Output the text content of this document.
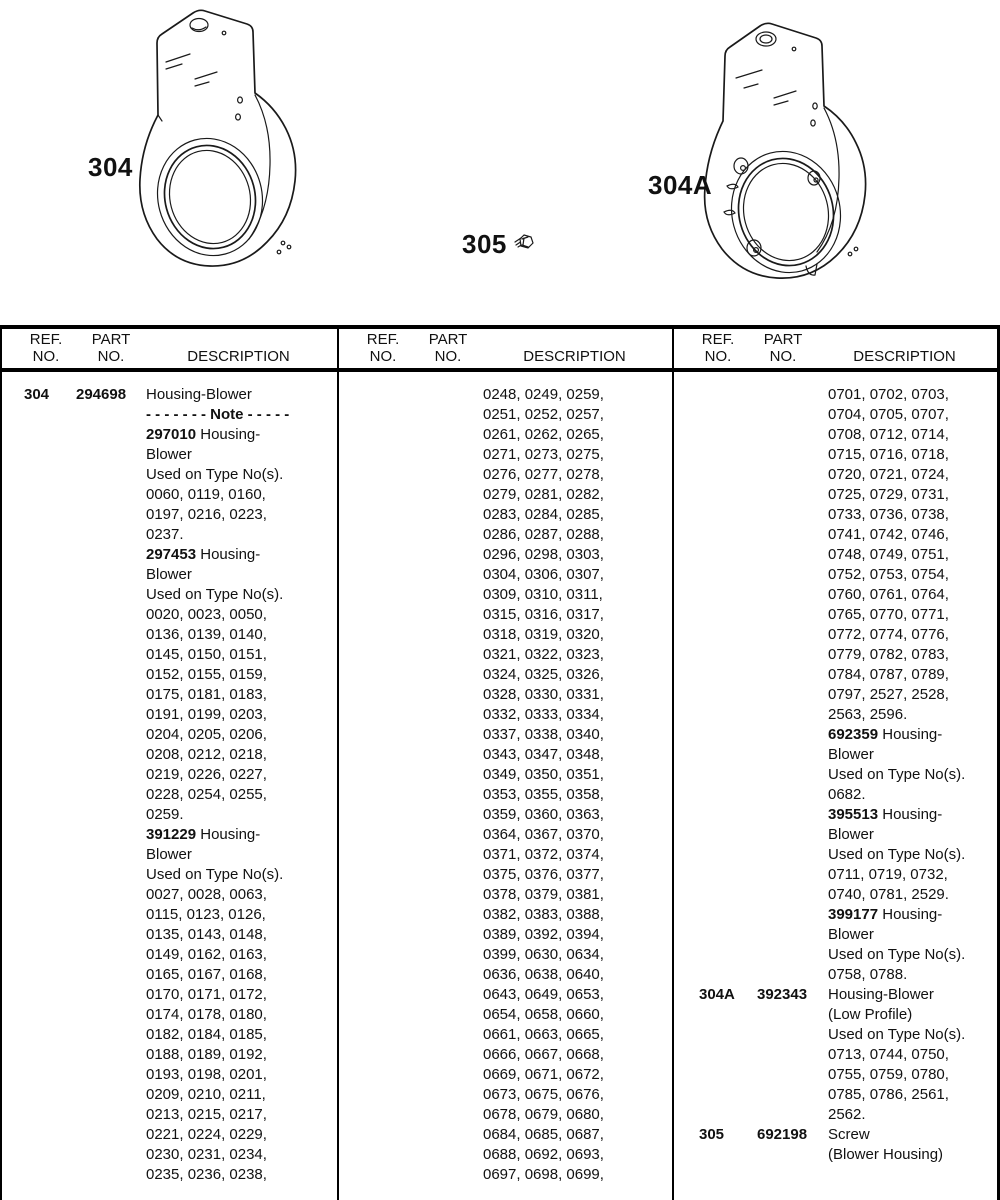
304
304A
305
REF.
NO.
PART
NO.	DESCRIPTION
304	294698	Housing-Blower
- - - - - - - Note - - - - -
297010 Housing-
Blower
Used on Type No(s).
0060, 0119, 0160,
0197, 0216, 0223,
0237.
297453 Housing-
Blower
Used on Type No(s).
0020, 0023, 0050,
0136, 0139, 0140,
0145, 0150, 0151,
0152, 0155, 0159,
0175, 0181, 0183,
0191, 0199, 0203,
0204, 0205, 0206,
0208, 0212, 0218,
0219, 0226, 0227,
0228, 0254, 0255,
0259.
391229 Housing-
Blower
Used on Type No(s).
0027, 0028, 0063,
0115, 0123, 0126,
0135, 0143, 0148,
0149, 0162, 0163,
0165, 0167, 0168,
0170, 0171, 0172,
0174, 0178, 0180,
0182, 0184, 0185,
0188, 0189, 0192,
0193, 0198, 0201,
0209, 0210, 0211,
0213, 0215, 0217,
0221, 0224, 0229,
0230, 0231, 0234,
0235, 0236, 0238,
REF.
NO.
PART
NO.	DESCRIPTION
0248, 0249, 0259,
0251, 0252, 0257,
0261, 0262, 0265,
0271, 0273, 0275,
0276, 0277, 0278,
0279, 0281, 0282,
0283, 0284, 0285,
0286, 0287, 0288,
0296, 0298, 0303,
0304, 0306, 0307,
0309, 0310, 0311,
0315, 0316, 0317,
0318, 0319, 0320,
0321, 0322, 0323,
0324, 0325, 0326,
0328, 0330, 0331,
0332, 0333, 0334,
0337, 0338, 0340,
0343, 0347, 0348,
0349, 0350, 0351,
0353, 0355, 0358,
0359, 0360, 0363,
0364, 0367, 0370,
0371, 0372, 0374,
0375, 0376, 0377,
0378, 0379, 0381,
0382, 0383, 0388,
0389, 0392, 0394,
0399, 0630, 0634,
0636, 0638, 0640,
0643, 0649, 0653,
0654, 0658, 0660,
0661, 0663, 0665,
0666, 0667, 0668,
0669, 0671, 0672,
0673, 0675, 0676,
0678, 0679, 0680,
0684, 0685, 0687,
0688, 0692, 0693,
0697, 0698, 0699,
REF.
NO.
PART
NO.	DESCRIPTION
0701, 0702, 0703,
0704, 0705, 0707,
0708, 0712, 0714,
0715, 0716, 0718,
0720, 0721, 0724,
0725, 0729, 0731,
0733, 0736, 0738,
0741, 0742, 0746,
0748, 0749, 0751,
0752, 0753, 0754,
0760, 0761, 0764,
0765, 0770, 0771,
0772, 0774, 0776,
0779, 0782, 0783,
0784, 0787, 0789,
0797, 2527, 2528,
2563, 2596.
692359 Housing-
Blower
Used on Type No(s).
0682.
395513 Housing-
Blower
Used on Type No(s).
0711, 0719, 0732,
0740, 0781, 2529.
399177 Housing-
Blower
Used on Type No(s).
0758, 0788.
304A	392343	Housing-Blower
(Low Profile)
Used on Type No(s).
0713, 0744, 0750,
0755, 0759, 0780,
0785, 0786, 2561,
2562.
305	692198	Screw
(Blower Housing)
